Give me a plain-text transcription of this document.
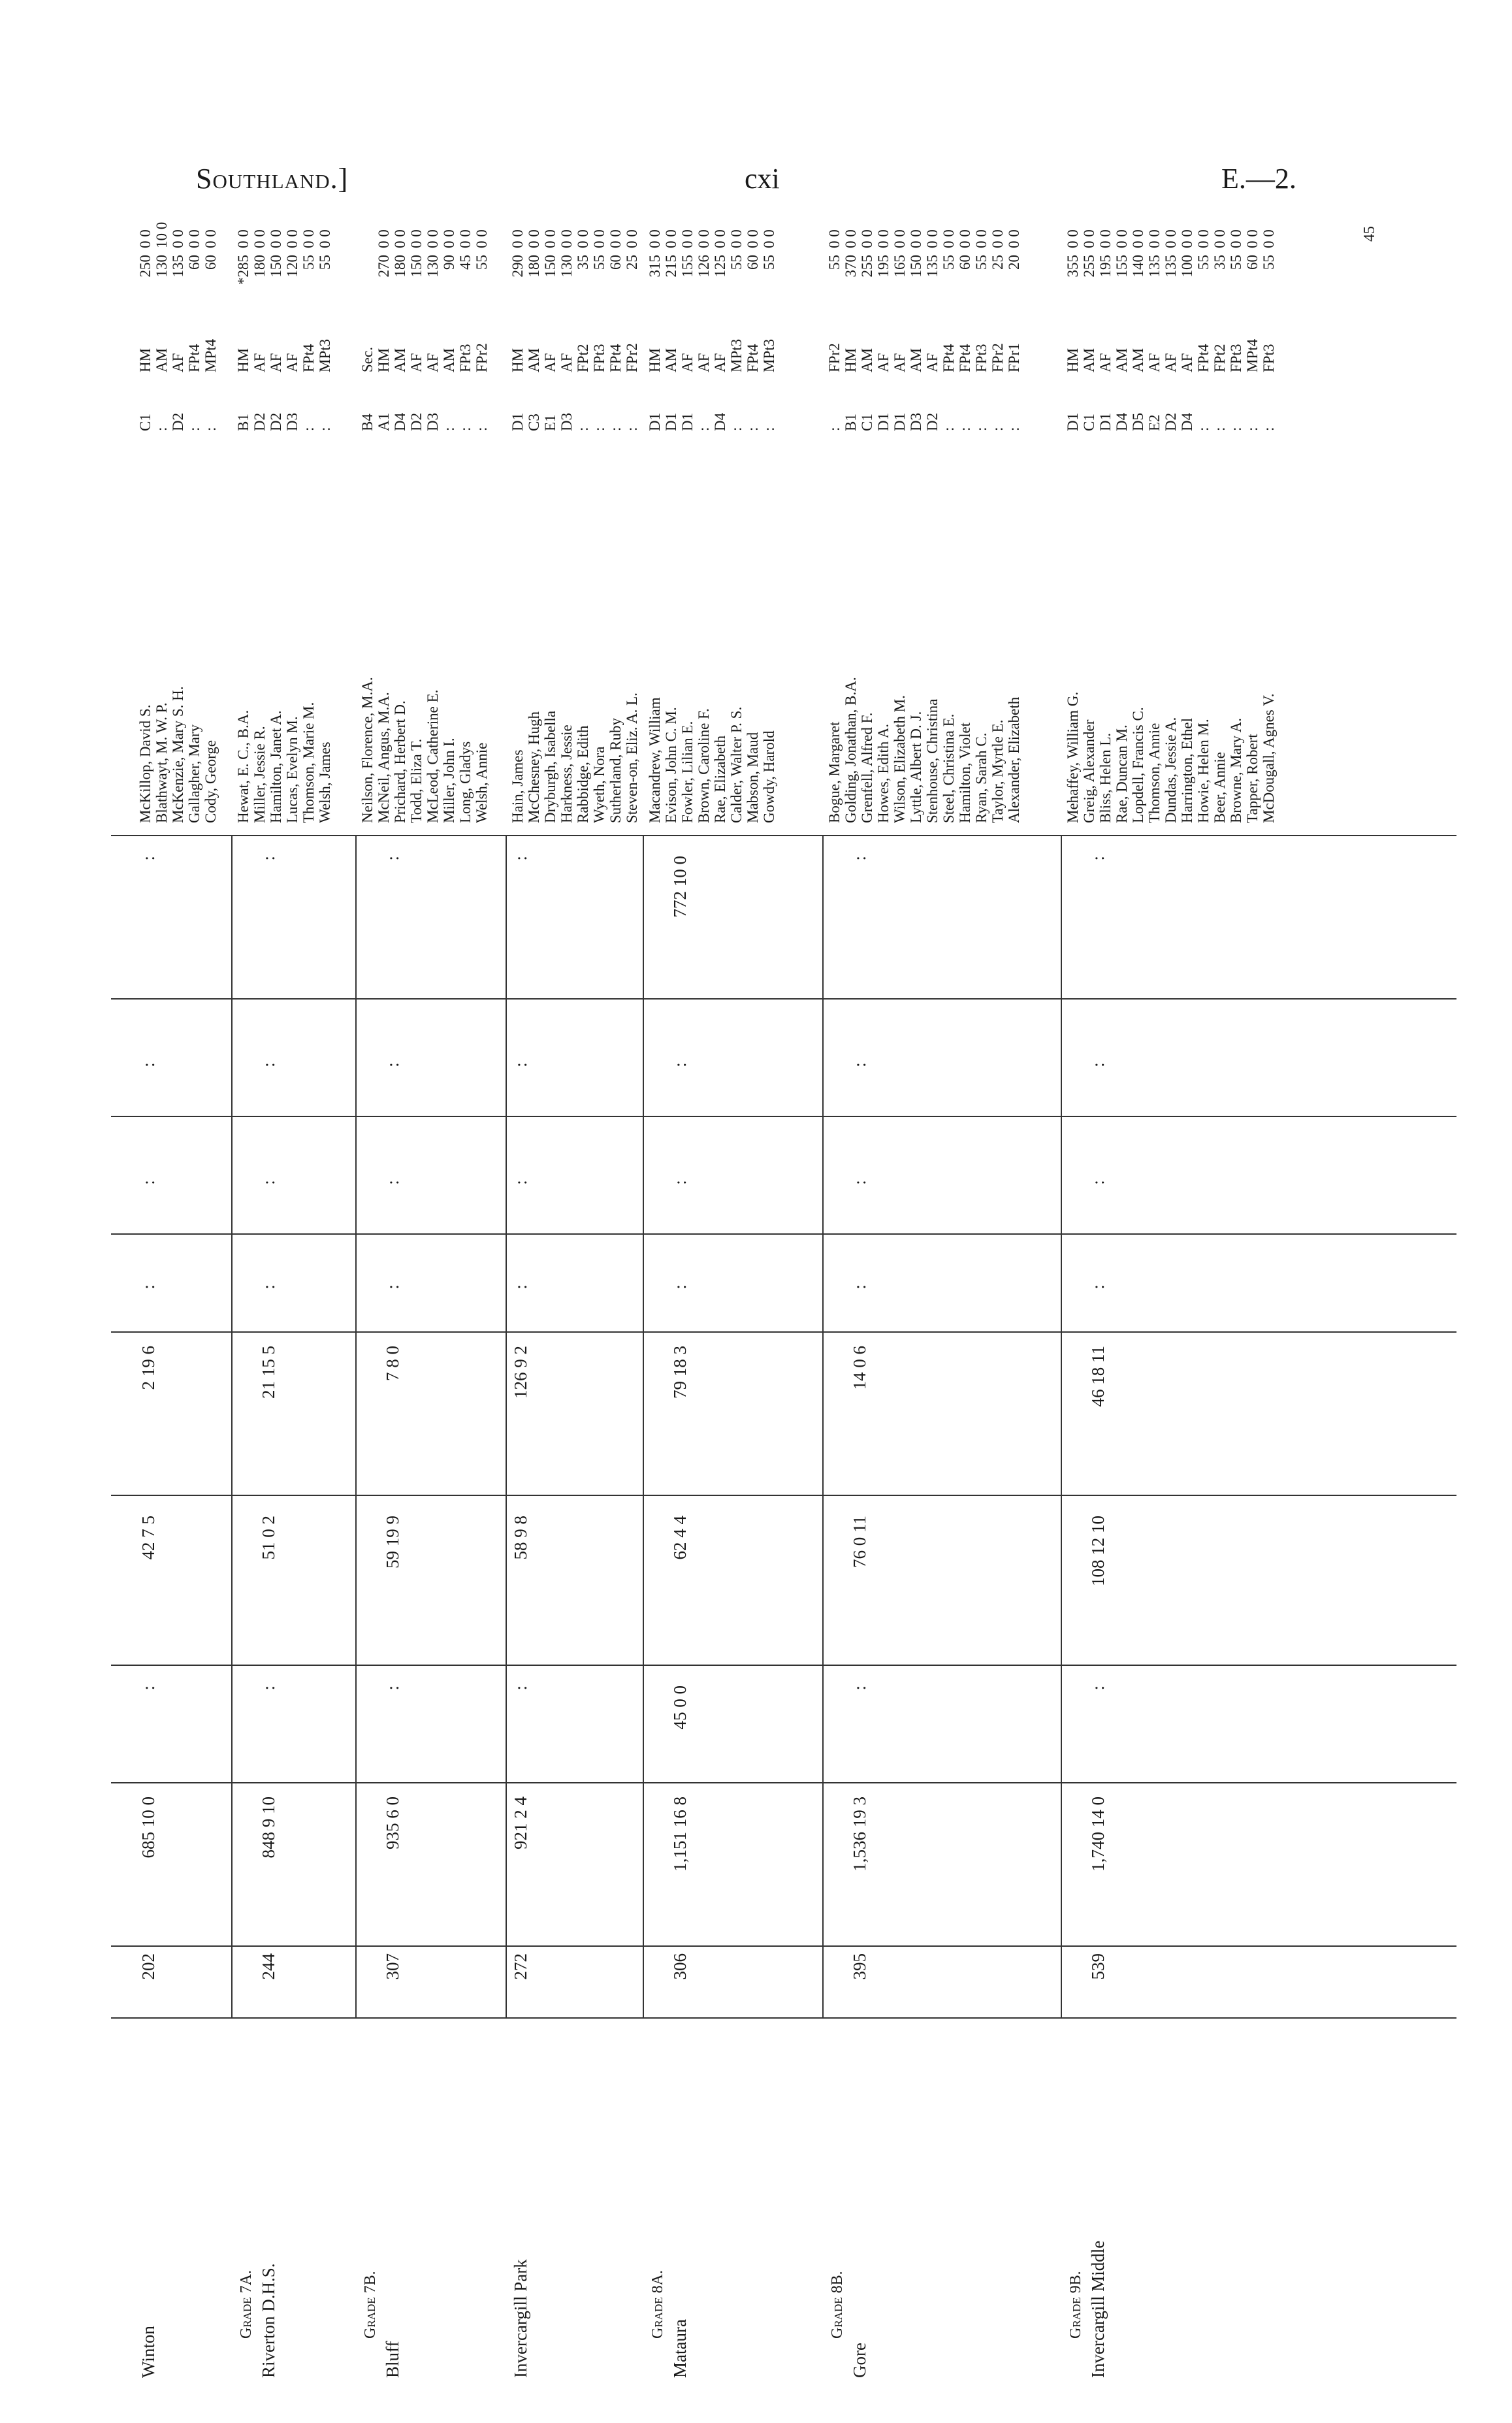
Southland.]	cxi	E.—2.
45
Winton
202
685 10 0
:
42 7 5
2 19 6
:
:
:
:
McKillop, David S.
C1
HM
250
0 0
Blathwayt, M. W. P.
:
AM
130
10 0
McKenzie, Mary S. H.
D2
AF
135
0 0
Gallagher, Mary
:
FPt4
60
0 0
Cody, George
:
MPt4
60
0 0
Grade 7A. Riverton D.H.S.
244
848 9 10
:
51 0 2
21 15 5
:
:
:
:
Hewat, E. C., B.A.
B1
HM
*285
0 0
Miller, Jessie R.
D2
AF
180
0 0
Hamilton, Janet A.
D2
AF
150
0 0
Lucas, Evelyn M.
D3
AF
120
0 0
Thomson, Marie M.
:
FPt4
55
0 0
Welsh, James
:
MPt3
55
0 0
Grade 7B.
Bluff
307
935 6 0
:
59 19 9
7 8 0
:
:
:
:
Neilson, Florence, M.A.
B4
Sec.
McNeil, Angus, M.A.
A1
HM
270
0 0
Prichard, Herbert D.
D4
AM
180
0 0
Todd, Eliza T.
D2
AF
150
0 0
McLeod, Catherine E.
D3
AF
130
0 0
Miller, John I.
:
AM
90
0 0
Long, Gladys
:
FPt3
45
0 0
Welsh, Annie
:
FPr2
55
0 0
Invercargill Park
272
921 2 4
:
58 9 8
126 9 2
:
:
:
:
Hain, James
D1
HM
290
0 0
McChesney, Hugh
C3
AM
180
0 0
Dryburgh, Isabella
E1
AF
150
0 0
Harkness, Jessie
D3
AF
130
0 0
Rabbidge, Edith
:
FPt2
35
0 0
Wyeth, Nora
:
FPt3
55
0 0
Sutherland, Ruby
:
FPt4
60
0 0
Steven-on, Eliz. A. L.
:
FPr2
25
0 0
Grade 8A.
Mataura
306
1,151 16 8
45 0 0
62 4 4
79 18 3
:
:
:
772 10 0
Macandrew, William
D1
HM
315
0 0
Evison, John C. M.
D1
AM
215
0 0
Fowler, Lilian E.
D1
AF
155
0 0
Brown, Caroline F.
:
AF
126
0 0
Rae, Elizabeth
D4
AF
125
0 0
Calder, Walter P. S.
:
MPt3
55
0 0
Mabson, Maud
:
FPt4
60
0 0
Gowdy, Harold
:
MPt3
55
0 0
Grade 8B.
Gore
395
1,536 19 3
:
76 0 11
14 0 6
:
:
:
:
Bogue, Margaret
:
FPr2
55
0 0
Golding, Jonathan, B.A.
B1
HM
370
0 0
Grenfell, Alfred F.
C1
AM
255
0 0
Howes, Edith A.
D1
AF
195
0 0
Wilson, Elizabeth M.
D1
AF
165
0 0
Lyttle, Albert D. J.
D3
AM
150
0 0
Stenhouse, Christina
D2
AF
135
0 0
Steel, Christina E.
:
FPt4
55
0 0
Hamilton, Violet
:
FPt4
60
0 0
Ryan, Sarah C.
:
FPt3
55
0 0
Taylor, Myrtle E.
:
FPr2
25
0 0
Alexander, Elizabeth
:
FPr1
20
0 0
Grade 9B. Invercargill Middle
539
1,740 14 0
:
108 12 10
46 18 11
:
:
:
:
Mehaffey, William G.
D1
HM
355
0 0
Greig, Alexander
C1
AM
255
0 0
Bliss, Helen L.
D1
AF
195
0 0
Rae, Duncan M.
D4
AM
155
0 0
Lopdell, Francis C.
D5
AM
140
0 0
Thomson, Annie
E2
AF
135
0 0
Dundas, Jessie A.
D2
AF
135
0 0
Harrington, Ethel
D4
AF
100
0 0
Howie, Helen M.
:
FPt4
55
0 0
Beer, Annie
:
FPt2
35
0 0
Browne, Mary A.
:
FPt3
55
0 0
Tapper, Robert
:
MPt4
60
0 0
McDougall, Agnes V.
:
FPt3
55
0 0
